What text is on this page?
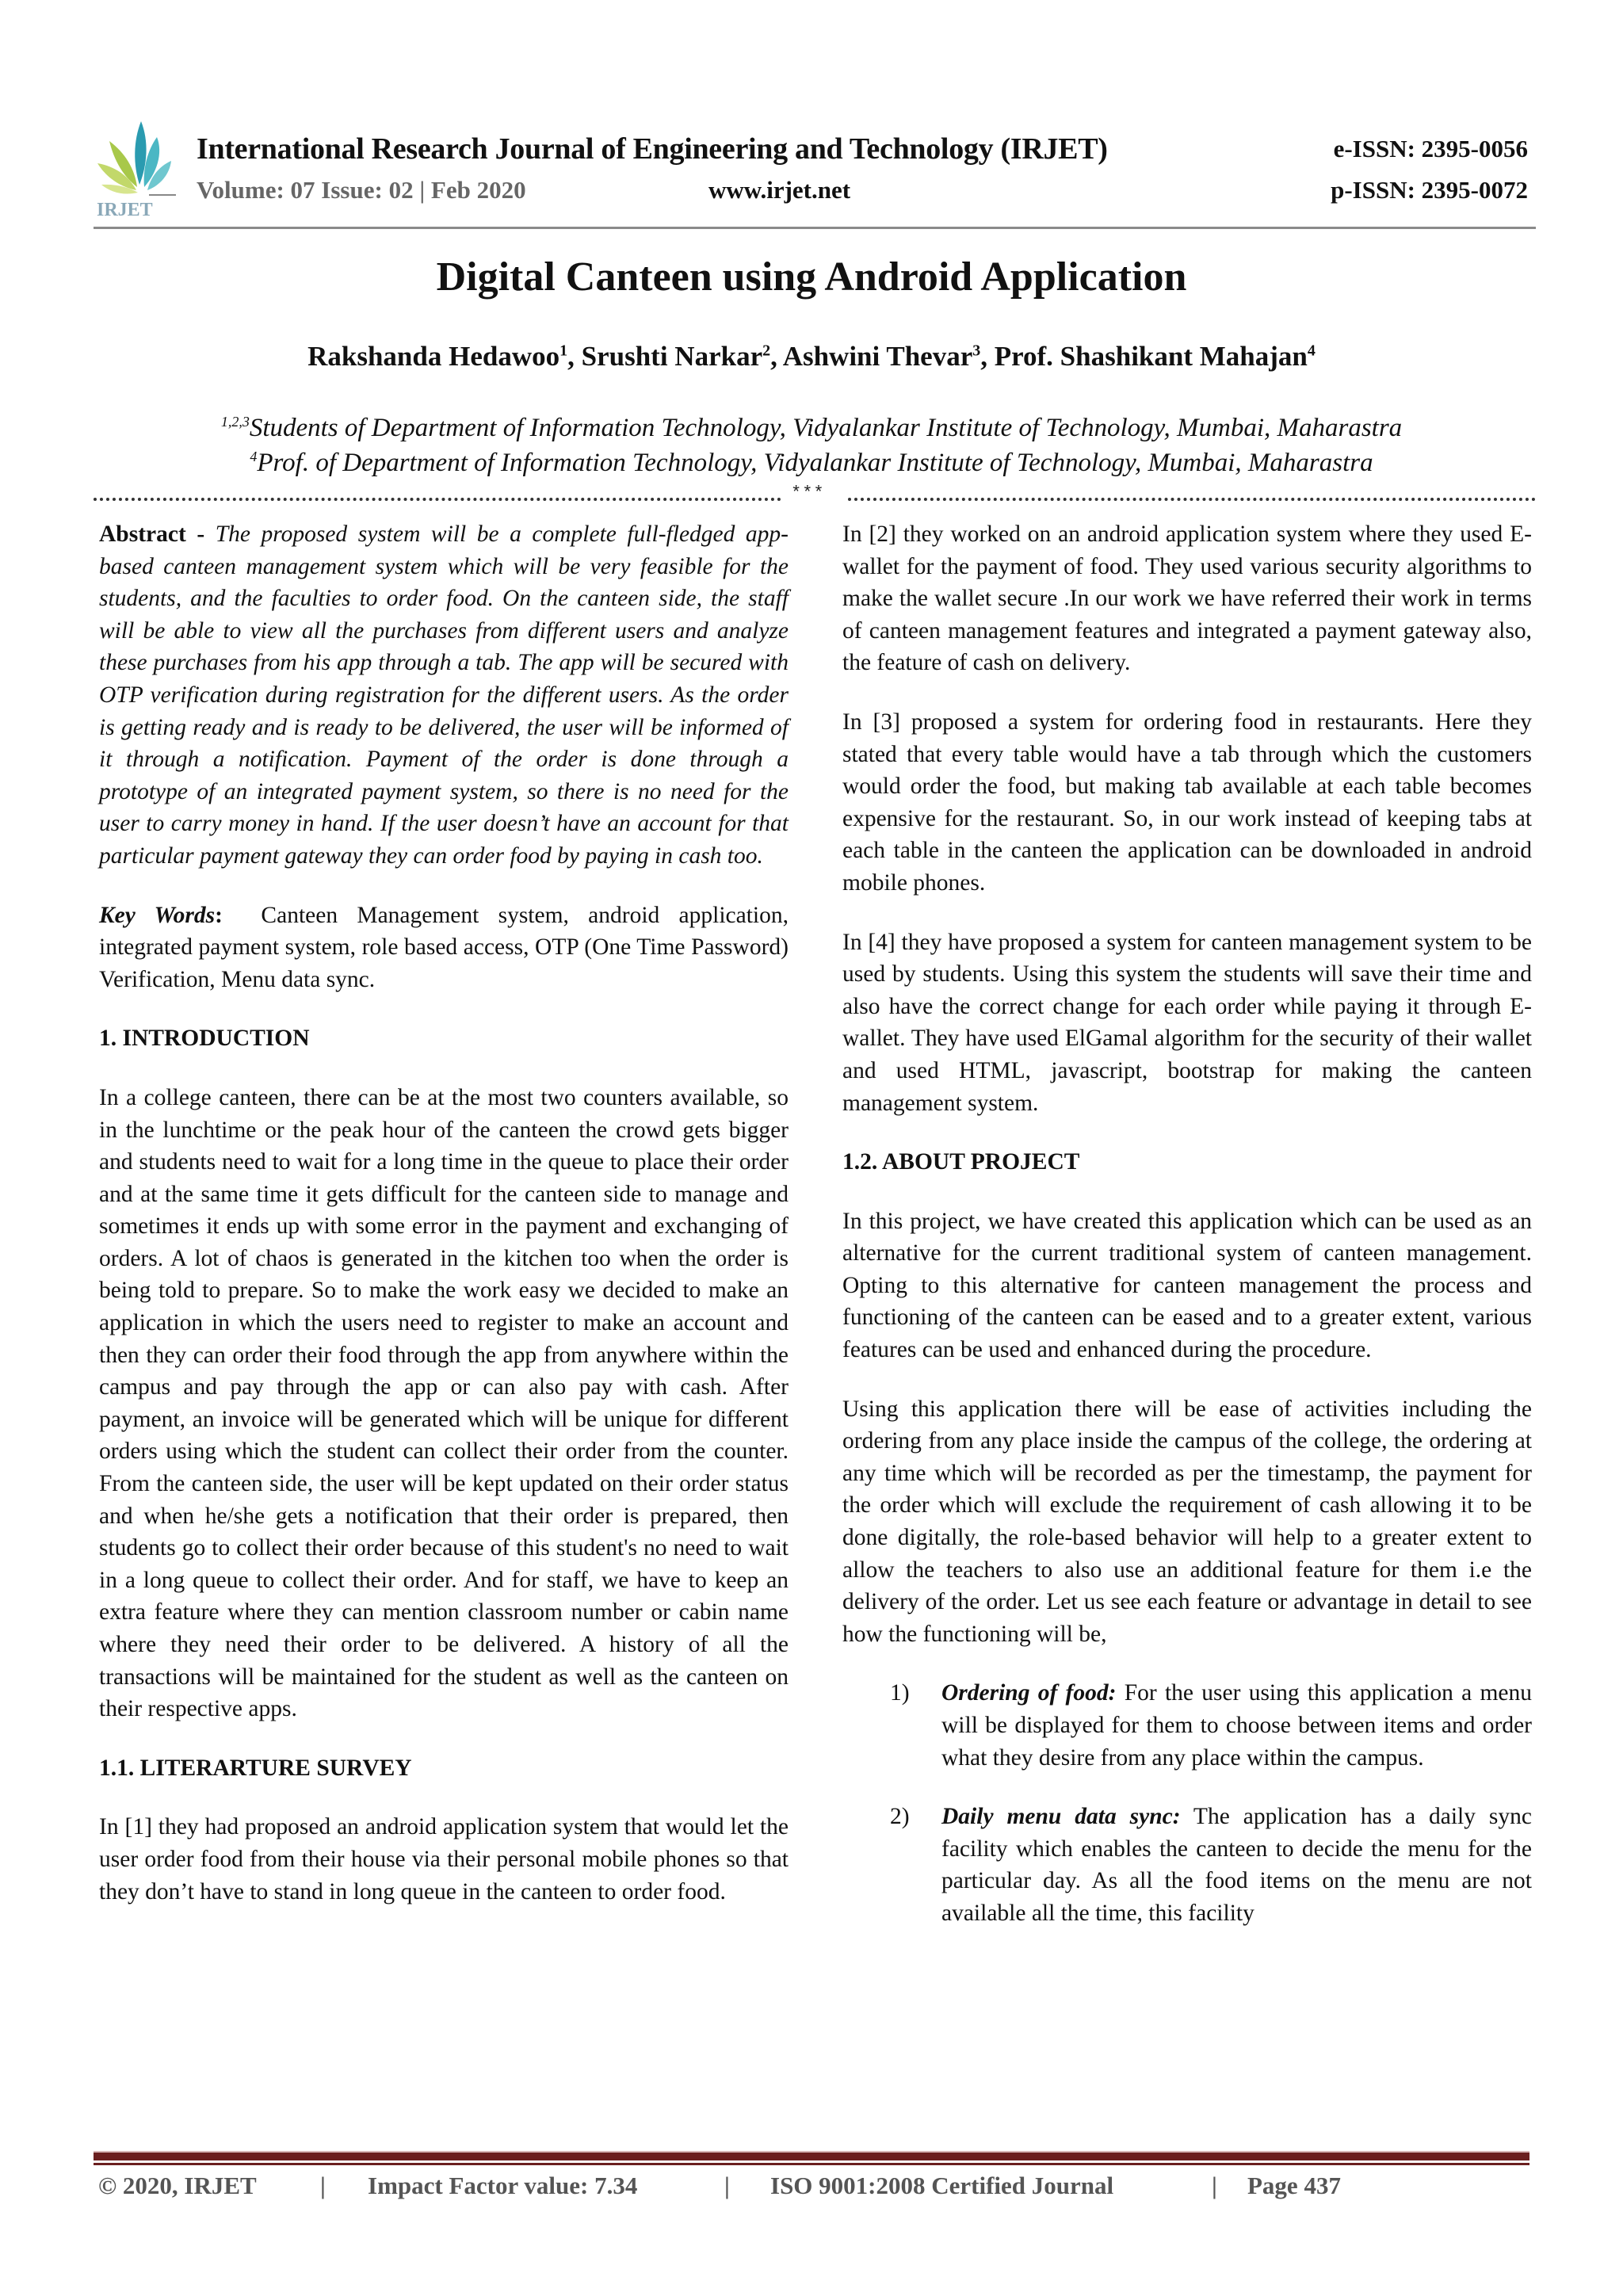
IRJET
International Research Journal of Engineering and Technology (IRJET)
Volume: 07 Issue: 02 | Feb 2020	www.irjet.net
e-ISSN: 2395-0056
p-ISSN: 2395-0072
Digital Canteen using Android Application
Rakshanda Hedawoo$^1$, Srushti Narkar$^2$, Ashwini Thevar$^3$, Prof. Shashikant Mahajan$^4$
$^{1,2,3}$Students of Department of Information Technology, Vidyalankar Institute of Technology, Mumbai, Maharastra
$^4$Prof. of Department of Information Technology, Vidyalankar Institute of Technology, Mumbai, Maharastra
***

Abstract - The proposed system will be a complete full-fledged app-based canteen management system which will be very feasible for the students, and the faculties to order food. On the canteen side, the staff will be able to view all the purchases from different users and analyze these purchases from his app through a tab. The app will be secured with OTP verification during registration for the different users. As the order is getting ready and is ready to be delivered, the user will be informed of it through a notification. Payment of the order is done through a prototype of an integrated payment system, so there is no need for the user to carry money in hand. If the user doesn’t have an account for that particular payment gateway they can order food by paying in cash too.

Key Words:  Canteen Management system, android application, integrated payment system, role based access, OTP (One Time Password) Verification, Menu data sync.

1. INTRODUCTION

In a college canteen, there can be at the most two counters available, so in the lunchtime or the peak hour of the canteen the crowd gets bigger and students need to wait for a long time in the queue to place their order and at the same time it gets difficult for the canteen side to manage and sometimes it ends up with some error in the payment and exchanging of orders. A lot of chaos is generated in the kitchen too when the order is being told to prepare. So to make the work easy we decided to make an application in which the users need to register to make an account and then they can order their food through the app from anywhere within the campus and pay through the app or can also pay with cash. After payment, an invoice will be generated which will be unique for different orders using which the student can collect their order from the counter. From the canteen side, the user will be kept updated on their order status and when he/she gets a notification that their order is prepared, then students go to collect their order because of this student's no need to wait in a long queue to collect their order. And for staff, we have to keep an extra feature where they can mention classroom number or cabin name where they need their order to be delivered. A history of all the transactions will be maintained for the student as well as the canteen on their respective apps.

1.1. LITERARTURE SURVEY

In [1] they had proposed an android application system that would let the user order food from their house via their personal mobile phones so that they don’t have to stand in long queue in the canteen to order food.

In [2] they worked on an android application system where they used E-wallet for the payment of food. They used various security algorithms to make the wallet secure .In our work we have referred their work in terms of canteen management features and integrated a payment gateway also, the feature of cash on delivery.

In [3] proposed a system for ordering food in restaurants. Here they stated that every table would have a tab through which the customers would order the food, but making tab available at each table becomes expensive for the restaurant. So, in our work instead of keeping tabs at each table in the canteen the application can be downloaded in android mobile phones.

In [4] they have proposed a system for canteen management system to be used by students. Using this system the students will save their time and also have the correct change for each order while paying it through E-wallet. They have used ElGamal algorithm for the security of their wallet and used HTML, javascript, bootstrap for making the canteen management system.

1.2. ABOUT PROJECT

In this project, we have created this application which can be used as an alternative for the current traditional system of canteen management. Opting to this alternative for canteen management the process and functioning of the canteen can be eased and to a greater extent, various features can be used and enhanced during the procedure.

Using this application there will be ease of activities including the ordering from any place inside the campus of the college, the ordering at any time which will be recorded as per the timestamp, the payment for the order which will exclude the requirement of cash allowing it to be done digitally, the role-based behavior will help to a greater extent to allow the teachers to also use an additional feature for them i.e the delivery of the order. Let us see each feature or advantage in detail to see how the functioning will be,

1) Ordering of food: For the user using this application a menu will be displayed for them to choose between items and order what they desire from any place within the campus.
2) Daily menu data sync: The application has a daily sync facility which enables the canteen to decide the menu for the particular day. As all the food items on the menu are not available all the time, this facility
© 2020, IRJET	| Impact Factor value: 7.34	| ISO 9001:2008 Certified Journal	| Page 437
